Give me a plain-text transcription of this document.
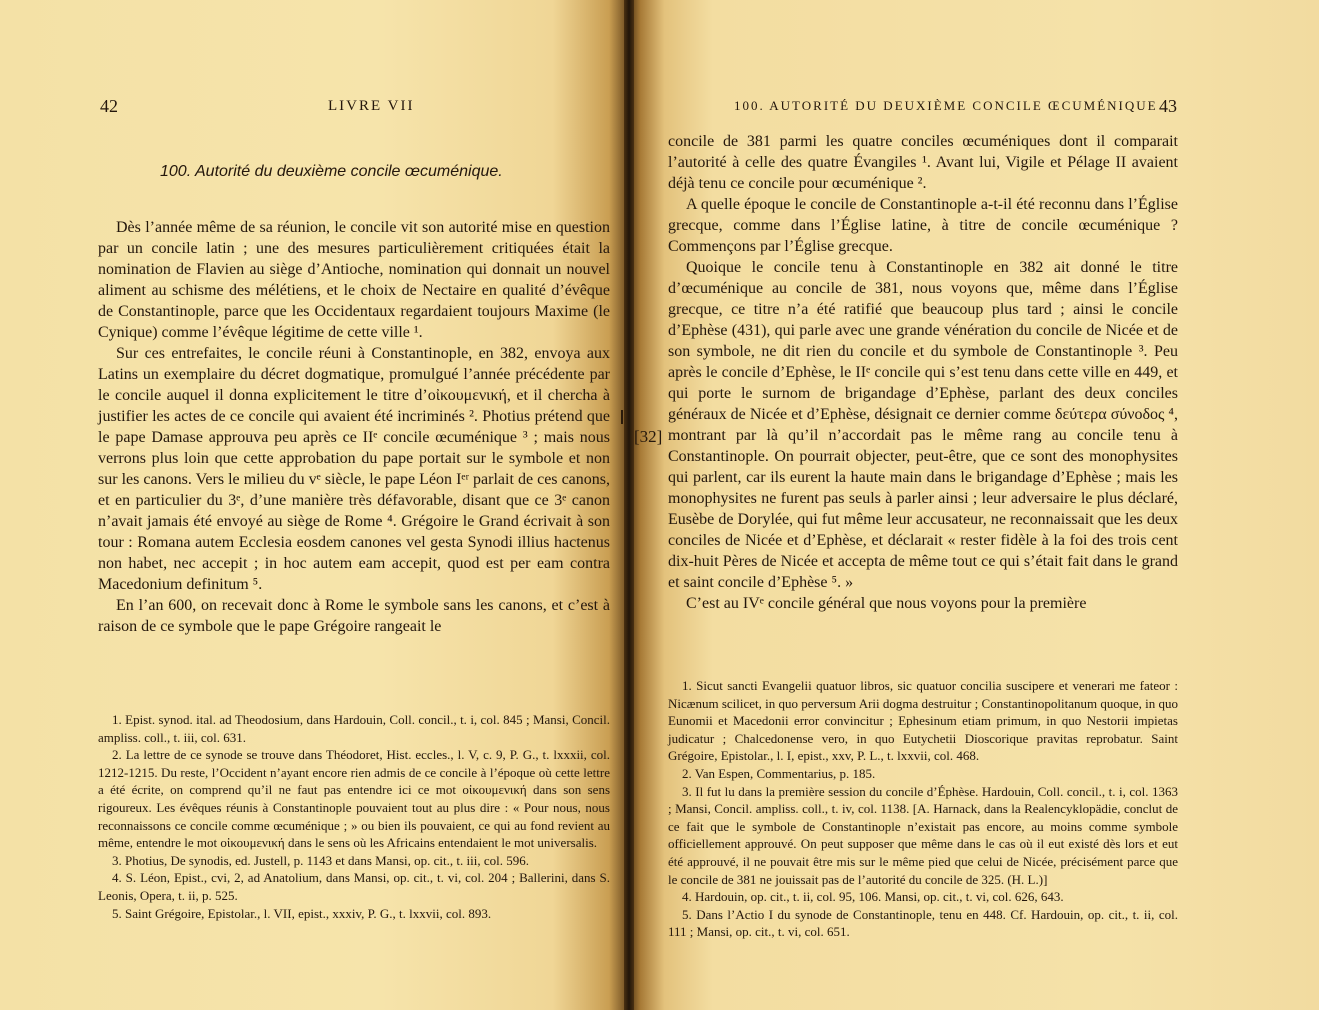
42	LIVRE VII
100. Autorité du deuxième concile œcuménique.

Dès l’année même de sa réunion, le concile vit son autorité mise en question par un concile latin ; une des mesures particulièrement critiquées était la nomination de Flavien au siège d’Antioche, nomination qui donnait un nouvel aliment au schisme des mélétiens, et le choix de Nectaire en qualité d’évêque de Constantinople, parce que les Occidentaux regardaient toujours Maxime (le Cynique) comme l’évêque légitime de cette ville ¹.

Sur ces entrefaites, le concile réuni à Constantinople, en 382, envoya aux Latins un exemplaire du décret dogmatique, promulgué l’année précédente par le concile auquel il donna explicitement le titre d’οἰκουμενική, et il chercha à justifier les actes de ce concile qui avaient été incriminés ². Photius prétend que le pape Damase approuva peu après ce IIᵉ concile œcuménique ³ ; mais nous verrons plus loin que cette approbation du pape portait sur le symbole et non sur les canons. Vers le milieu du vᵉ siècle, le pape Léon Iᵉʳ parlait de ces canons, et en particulier du 3ᵉ, d’une manière très défavorable, disant que ce 3ᵉ canon n’avait jamais été envoyé au siège de Rome ⁴. Grégoire le Grand écrivait à son tour : Romana autem Ecclesia eosdem canones vel gesta Synodi illius hactenus non habet, nec accepit ; in hoc autem eam accepit, quod est per eam contra Macedonium definitum ⁵.

En l’an 600, on recevait donc à Rome le symbole sans les canons, et c’est à raison de ce symbole que le pape Grégoire rangeait le

1. Epist. synod. ital. ad Theodosium, dans Hardouin, Coll. concil., t. i, col. 845 ; Mansi, Concil. ampliss. coll., t. iii, col. 631.

2. La lettre de ce synode se trouve dans Théodoret, Hist. eccles., l. V, c. 9, P. G., t. lxxxii, col. 1212-1215. Du reste, l’Occident n’ayant encore rien admis de ce concile à l’époque où cette lettre a été écrite, on comprend qu’il ne faut pas entendre ici ce mot οἰκουμενική dans son sens rigoureux. Les évêques réunis à Constantinople pouvaient tout au plus dire : « Pour nous, nous reconnaissons ce concile comme œcuménique ; » ou bien ils pouvaient, ce qui au fond revient au même, entendre le mot οἰκουμενική dans le sens où les Africains entendaient le mot universalis.

3. Photius, De synodis, ed. Justell, p. 1143 et dans Mansi, op. cit., t. iii, col. 596.

4. S. Léon, Epist., cvi, 2, ad Anatolium, dans Mansi, op. cit., t. vi, col. 204 ; Ballerini, dans S. Leonis, Opera, t. ii, p. 525.

5. Saint Grégoire, Epistolar., l. VII, epist., xxxiv, P. G., t. lxxvii, col. 893.

100. AUTORITÉ DU DEUXIÈME CONCILE ŒCUMÉNIQUE 43

concile de 381 parmi les quatre conciles œcuméniques dont il comparait l’autorité à celle des quatre Évangiles ¹. Avant lui, Vigile et Pélage II avaient déjà tenu ce concile pour œcuménique ².

A quelle époque le concile de Constantinople a-t-il été reconnu dans l’Église grecque, comme dans l’Église latine, à titre de concile œcuménique ? Commençons par l’Église grecque.

Quoique le concile tenu à Constantinople en 382 ait donné le titre d’œcuménique au concile de 381, nous voyons que, même dans l’Église grecque, ce titre n’a été ratifié que beaucoup plus tard ; ainsi le concile d’Ephèse (431), qui parle avec une grande vénération du concile de Nicée et de son symbole, ne dit rien du concile et du symbole de Constantinople ³. Peu après le concile d’Ephèse, le IIᵉ concile qui s’est tenu dans cette ville en 449, et qui porte le surnom de brigandage d’Ephèse, parlant des deux conciles généraux de Nicée et d’Ephèse, désignait ce dernier comme δεύτερα σύνοδος ⁴, montrant par là qu’il n’accordait pas le même rang au concile tenu à Constantinople. On pourrait objecter, peut-être, que ce sont des monophysites qui parlent, car ils eurent la haute main dans le brigandage d’Ephèse ; mais les monophysites ne furent pas seuls à parler ainsi ; leur adversaire le plus déclaré, Eusèbe de Dorylée, qui fut même leur accusateur, ne reconnaissait que les deux conciles de Nicée et d’Ephèse, et déclarait « rester fidèle à la foi des trois cent dix-huit Pères de Nicée et accepta de même tout ce qui s’était fait dans le grand et saint concile d’Ephèse ⁵. »

C’est au IVᵉ concile général que nous voyons pour la première

1. Sicut sancti Evangelii quatuor libros, sic quatuor concilia suscipere et venerari me fateor : Nicænum scilicet, in quo perversum Arii dogma destruitur ; Constantinopolitanum quoque, in quo Eunomii et Macedonii error convincitur ; Ephesinum etiam primum, in quo Nestorii impietas judicatur ; Chalcedonense vero, in quo Eutychetii Dioscorique pravitas reprobatur. Saint Grégoire, Epistolar., l. I, epist., xxv, P. L., t. lxxvii, col. 468.

2. Van Espen, Commentarius, p. 185.

3. Il fut lu dans la première session du concile d’Éphèse. Hardouin, Coll. concil., t. i, col. 1363 ; Mansi, Concil. ampliss. coll., t. iv, col. 1138. [A. Harnack, dans la Realencyklopädie, conclut de ce fait que le symbole de Constantinople n’existait pas encore, au moins comme symbole officiellement approuvé. On peut supposer que même dans le cas où il eut existé dès lors et eut été approuvé, il ne pouvait être mis sur le même pied que celui de Nicée, précisément parce que le concile de 381 ne jouissait pas de l’autorité du concile de 325. (H. L.)]

4. Hardouin, op. cit., t. ii, col. 95, 106. Mansi, op. cit., t. vi, col. 626, 643.

5. Dans l’Actio I du synode de Constantinople, tenu en 448. Cf. Hardouin, op. cit., t. ii, col. 111 ; Mansi, op. cit., t. vi, col. 651.

[32]
